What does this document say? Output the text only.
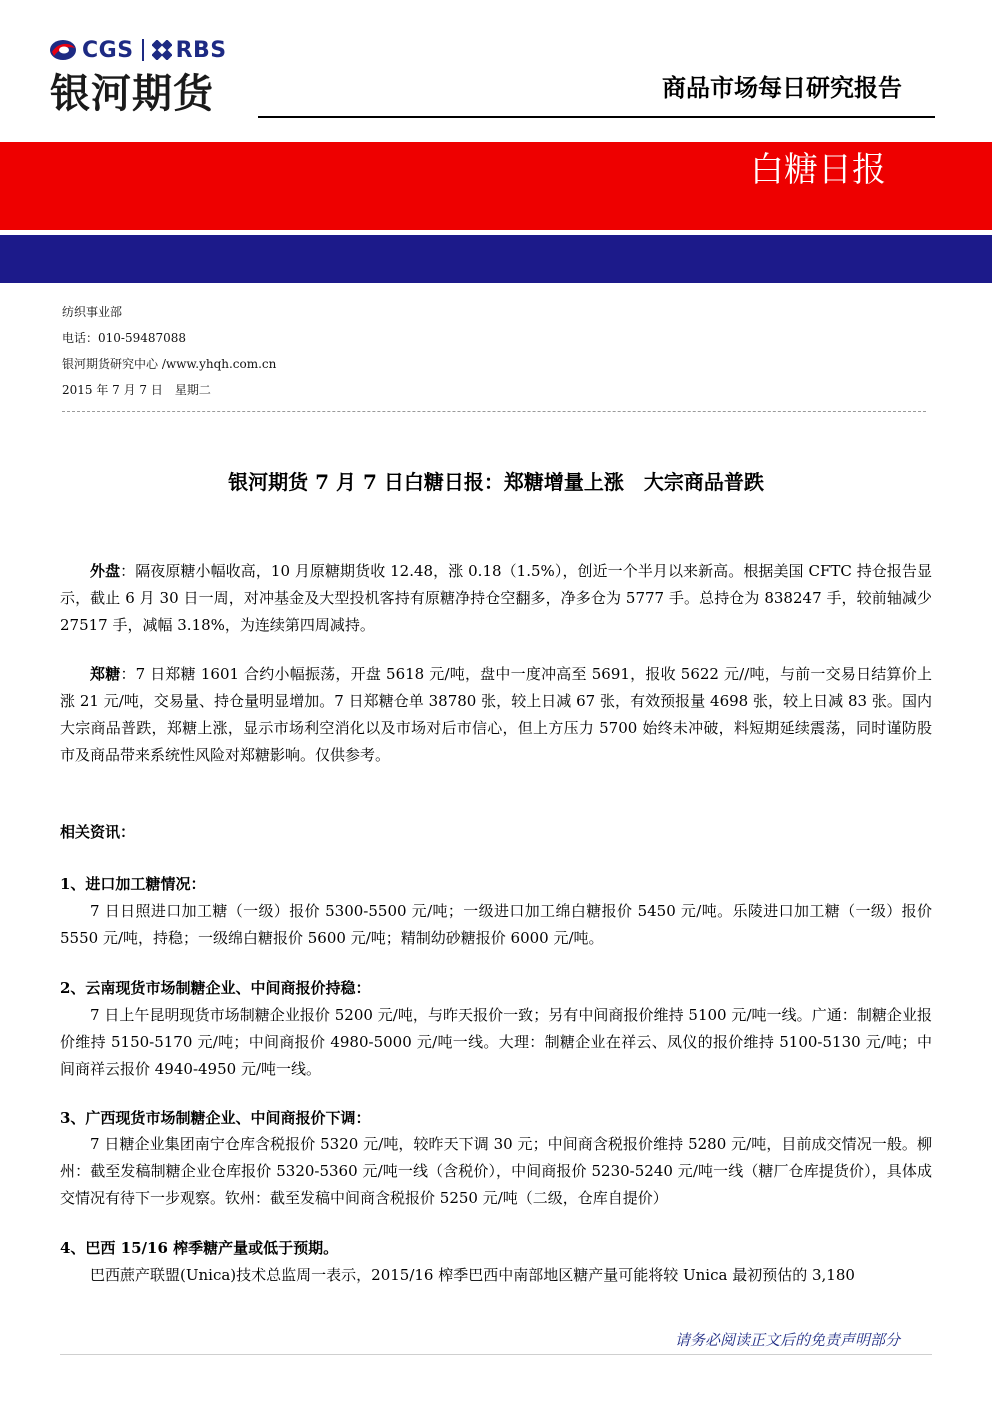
CGS RBS
银河期货	商品市场每日研究报告
白糖日报
纺织事业部
电话：010-59487088
银河期货研究中心 /www.yhqh.com.cn
2015 年 7 月 7 日　星期二
银河期货 7 月 7 日白糖日报：郑糖增量上涨　大宗商品普跌
外盘：隔夜原糖小幅收高，10 月原糖期货收 12.48，涨 0.18（1.5%），创近一个半月以来新高。根据美国 CFTC 持仓报告显示，截止 6 月 30 日一周，对冲基金及大型投机客持有原糖净持仓空翻多，净多仓为 5777 手。总持仓为 838247 手，较前轴减少 27517 手，减幅 3.18%，为连续第四周减持。
郑糖：7 日郑糖 1601 合约小幅振荡，开盘 5618 元/吨，盘中一度冲高至 5691，报收 5622 元//吨，与前一交易日结算价上涨 21 元/吨，交易量、持仓量明显增加。7 日郑糖仓单 38780 张，较上日减 67 张，有效预报量 4698 张，较上日减 83 张。国内大宗商品普跌，郑糖上涨，显示市场利空消化以及市场对后市信心，但上方压力 5700 始终未冲破，料短期延续震荡，同时谨防股市及商品带来系统性风险对郑糖影响。仅供参考。
相关资讯：
1、进口加工糖情况：
7 日日照进口加工糖（一级）报价 5300-5500 元/吨；一级进口加工绵白糖报价 5450 元/吨。乐陵进口加工糖（一级）报价 5550 元/吨，持稳；一级绵白糖报价 5600 元/吨；精制幼砂糖报价 6000 元/吨。
2、云南现货市场制糖企业、中间商报价持稳：
7 日上午昆明现货市场制糖企业报价 5200 元/吨，与昨天报价一致；另有中间商报价维持 5100 元/吨一线。广通：制糖企业报价维持 5150-5170 元/吨；中间商报价 4980-5000 元/吨一线。大理：制糖企业在祥云、凤仪的报价维持 5100-5130 元/吨；中间商祥云报价 4940-4950 元/吨一线。
3、广西现货市场制糖企业、中间商报价下调：
7 日糖企业集团南宁仓库含税报价 5320 元/吨，较昨天下调 30 元；中间商含税报价维持 5280 元/吨，目前成交情况一般。柳州：截至发稿制糖企业仓库报价 5320-5360 元/吨一线（含税价），中间商报价 5230-5240 元/吨一线（糖厂仓库提货价），具体成交情况有待下一步观察。钦州：截至发稿中间商含税报价 5250 元/吨（二级，仓库自提价）
4、巴西 15/16 榨季糖产量或低于预期。
巴西蔗产联盟(Unica)技术总监周一表示，2015/16 榨季巴西中南部地区糖产量可能将较 Unica 最初预估的 3,180
请务必阅读正文后的免责声明部分
